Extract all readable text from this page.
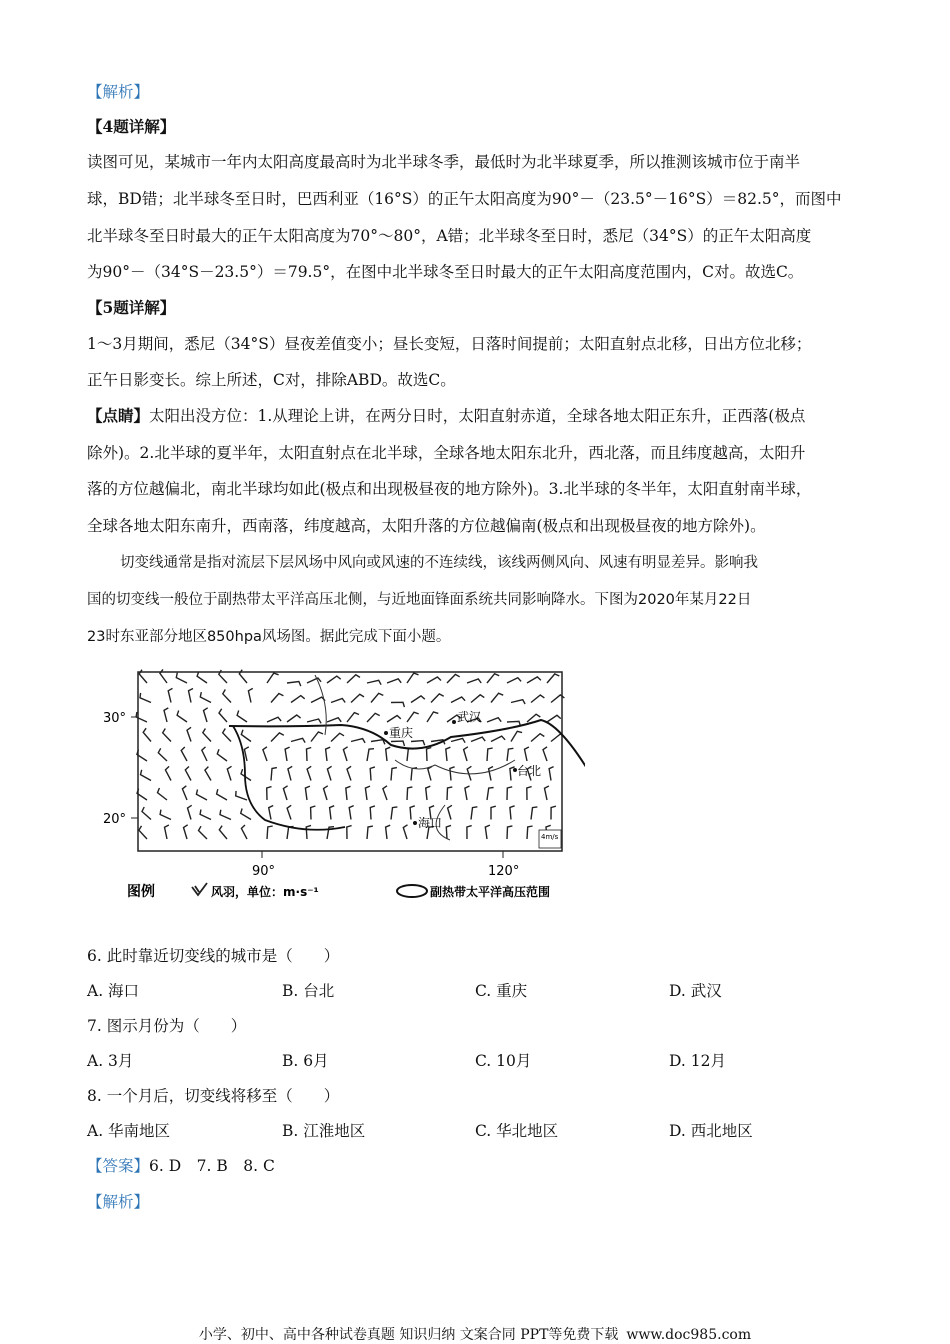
【解析】
【4题详解】
读图可见，某城市一年内太阳高度最高时为北半球冬季，最低时为北半球夏季，所以推测该城市位于南半
球，BD错；北半球冬至日时，巴西利亚（16°S）的正午太阳高度为90°－（23.5°－16°S）＝82.5°，而图中
北半球冬至日时最大的正午太阳高度为70°～80°，A错；北半球冬至日时，悉尼（34°S）的正午太阳高度
为90°－（34°S－23.5°）＝79.5°，在图中北半球冬至日时最大的正午太阳高度范围内，C对。故选C。
【5题详解】
1～3月期间，悉尼（34°S）昼夜差值变小；昼长变短，日落时间提前；太阳直射点北移，日出方位北移；
正午日影变长。综上所述，C对，排除ABD。故选C。
【点睛】太阳出没方位：1.从理论上讲，在两分日时，太阳直射赤道，全球各地太阳正东升，正西落(极点
除外)。2.北半球的夏半年，太阳直射点在北半球，全球各地太阳东北升，西北落，而且纬度越高，太阳升
落的方位越偏北，南北半球均如此(极点和出现极昼夜的地方除外)。3.北半球的冬半年，太阳直射南半球，
全球各地太阳东南升，西南落，纬度越高，太阳升落的方位越偏南(极点和出现极昼夜的地方除外)。
切变线通常是指对流层下层风场中风向或风速的不连续线，该线两侧风向、风速有明显差异。影响我
国的切变线一般位于副热带太平洋高压北侧，与近地面锋面系统共同影响降水。下图为2020年某月22日
23时东亚部分地区850hpa风场图。据此完成下面小题。
重庆
武汉
台北
海口
4m/s
30°
20°
90°	120°
图例	风羽，单位：m·s⁻¹	副热带太平洋高压范围
6. 此时靠近切变线的城市是（　　）
A. 海口	B. 台北	C. 重庆	D. 武汉
7. 图示月份为（　　）
A. 3月	B. 6月	C. 10月	D. 12月
8. 一个月后，切变线将移至（　　）
A. 华南地区	B. 江淮地区	C. 华北地区	D. 西北地区
【答案】6. D　7. B　8. C
【解析】
小学、初中、高中各种试卷真题 知识归纳 文案合同 PPT等免费下载 www.doc985.com
